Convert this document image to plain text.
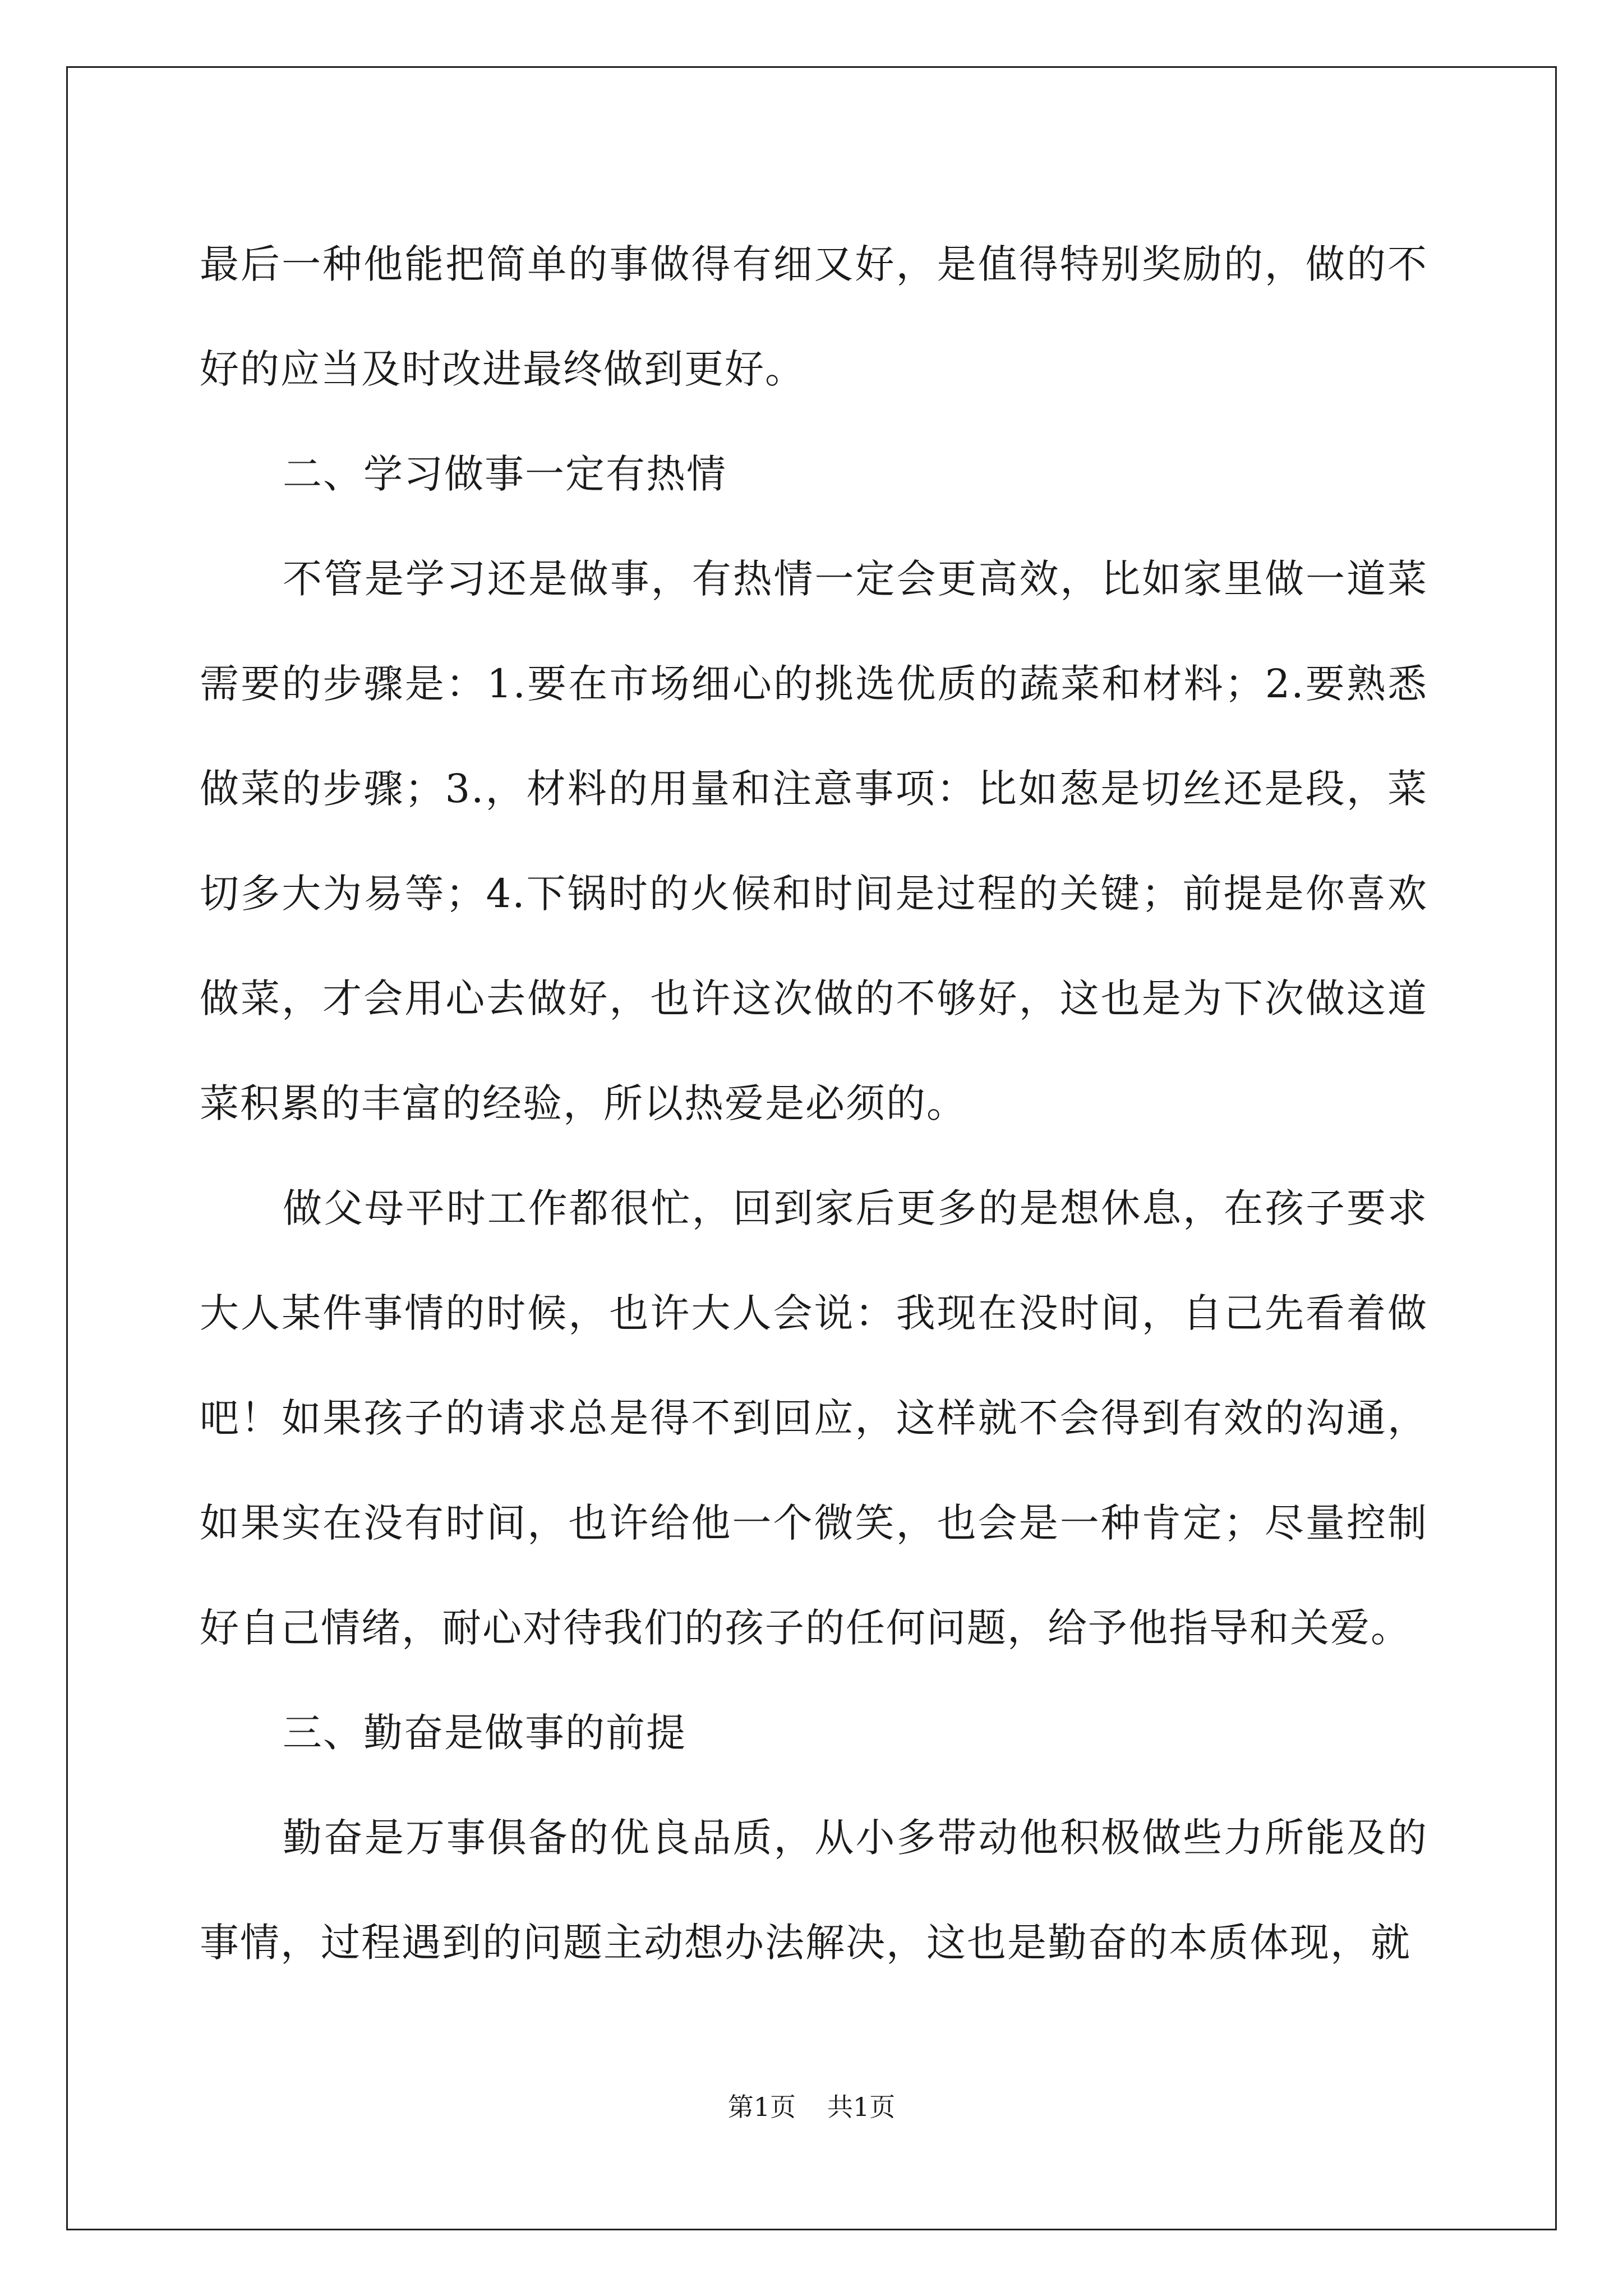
最后一种他能把简单的事做得有细又好，是值得特别奖励的，做的不好的应当及时改进最终做到更好。

二、学习做事一定有热情

不管是学习还是做事，有热情一定会更高效，比如家里做一道菜需要的步骤是：1.要在市场细心的挑选优质的蔬菜和材料；2.要熟悉做菜的步骤；3.，材料的用量和注意事项：比如葱是切丝还是段，菜切多大为易等；4.下锅时的火候和时间是过程的关键；前提是你喜欢做菜，才会用心去做好，也许这次做的不够好，这也是为下次做这道菜积累的丰富的经验，所以热爱是必须的。

做父母平时工作都很忙，回到家后更多的是想休息，在孩子要求大人某件事情的时候，也许大人会说：我现在没时间，自己先看着做吧！如果孩子的请求总是得不到回应，这样就不会得到有效的沟通，如果实在没有时间，也许给他一个微笑，也会是一种肯定；尽量控制好自己情绪，耐心对待我们的孩子的任何问题，给予他指导和关爱。

三、勤奋是做事的前提

勤奋是万事俱备的优良品质，从小多带动他积极做些力所能及的事情，过程遇到的问题主动想办法解决，这也是勤奋的本质体现，就

第1页 共1页
